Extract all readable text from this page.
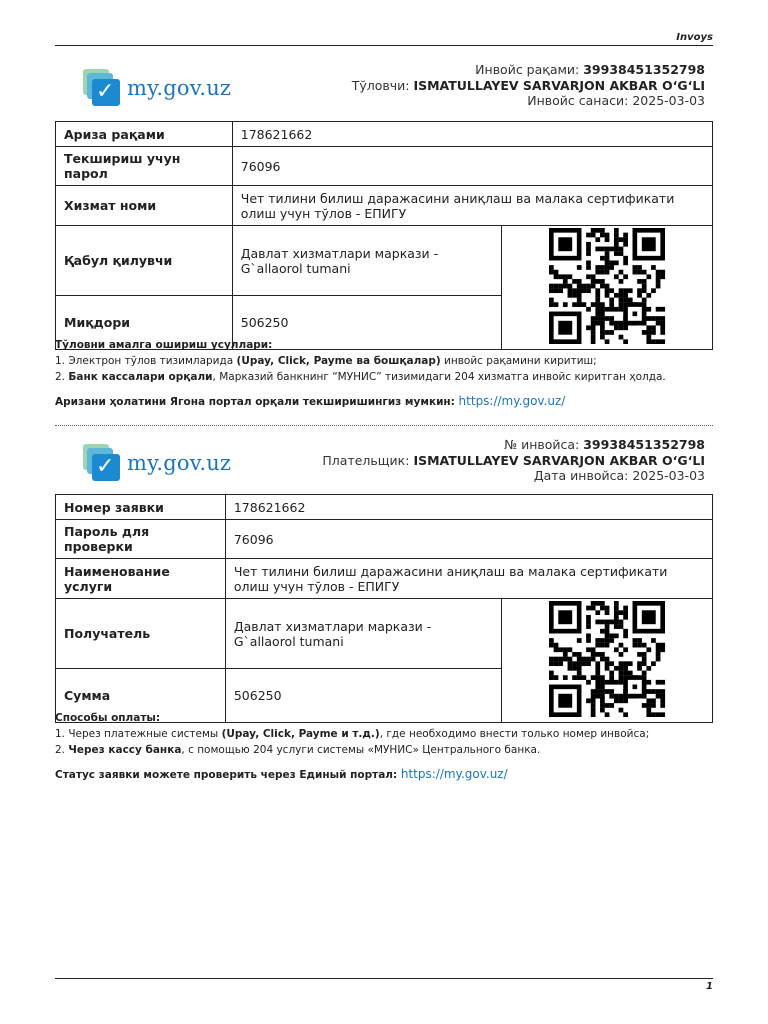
Invoys
✓ my.gov.uz
Инвойс рақами: 39938451352798
Тўловчи: ISMATULLAYEV SARVARJON AKBAR O‘G‘LI
Инвойс санаси: 2025-03-03
Ариза рақами	178621662	
Текшириш учун парол	76096	
Хизмат номи	Чет тилини билиш даражасини аниқлаш ва малака сертификати олиш учун тўлов - ЕПИГУ	
Қабул қилувчи	Давлат хизматлари маркази - G`allaorol tumani	
Миқдори	506250	
Тўловни амалга ошириш усуллари:
1. Электрон тўлов тизимларида (Upay, Click, Payme ва бошқалар) инвойс рақамини киритиш;
2. Банк кассалари орқали, Марказий банкнинг “МУНИС” тизимидаги 204 хизматга инвойс киритган ҳолда.
Аризани ҳолатини Ягона портал орқали текширишингиз мумкин: https://my.gov.uz/
✓ my.gov.uz
№ инвойса: 39938451352798
Плательщик: ISMATULLAYEV SARVARJON AKBAR O‘G‘LI
Дата инвойса: 2025-03-03
Номер заявки	178621662	
Пароль для проверки	76096	
Наименование услуги	Чет тилини билиш даражасини аниқлаш ва малака сертификати олиш учун тўлов - ЕПИГУ	
Получатель	Давлат хизматлари маркази - G`allaorol tumani	
Сумма	506250	
Способы оплаты:
1. Через платежные системы (Upay, Click, Payme и т.д.), где необходимо внести только номер инвойса;
2. Через кассу банка, с помощью 204 услуги системы «МУНИС» Центрального банка.
Статус заявки можете проверить через Единый портал: https://my.gov.uz/
1
